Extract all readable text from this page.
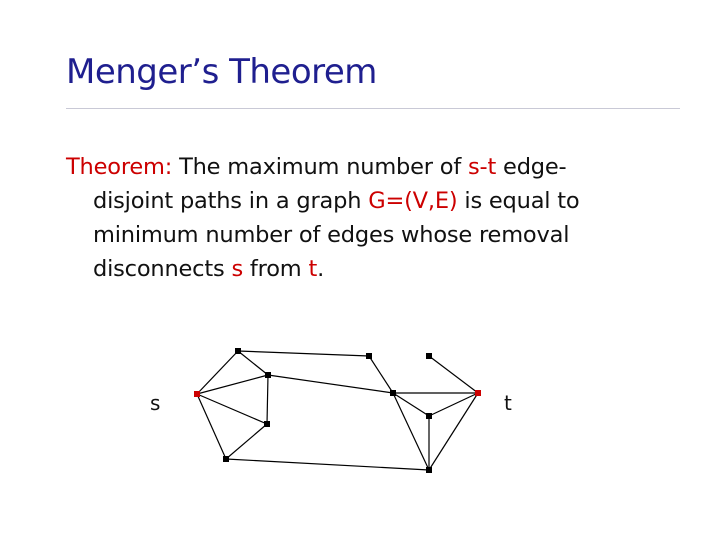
Menger’s Theorem
Theorem: The maximum number of s-t edge-
disjoint paths in a graph G=(V,E) is equal to
minimum number of edges whose removal
disconnects s from t.
s	t
